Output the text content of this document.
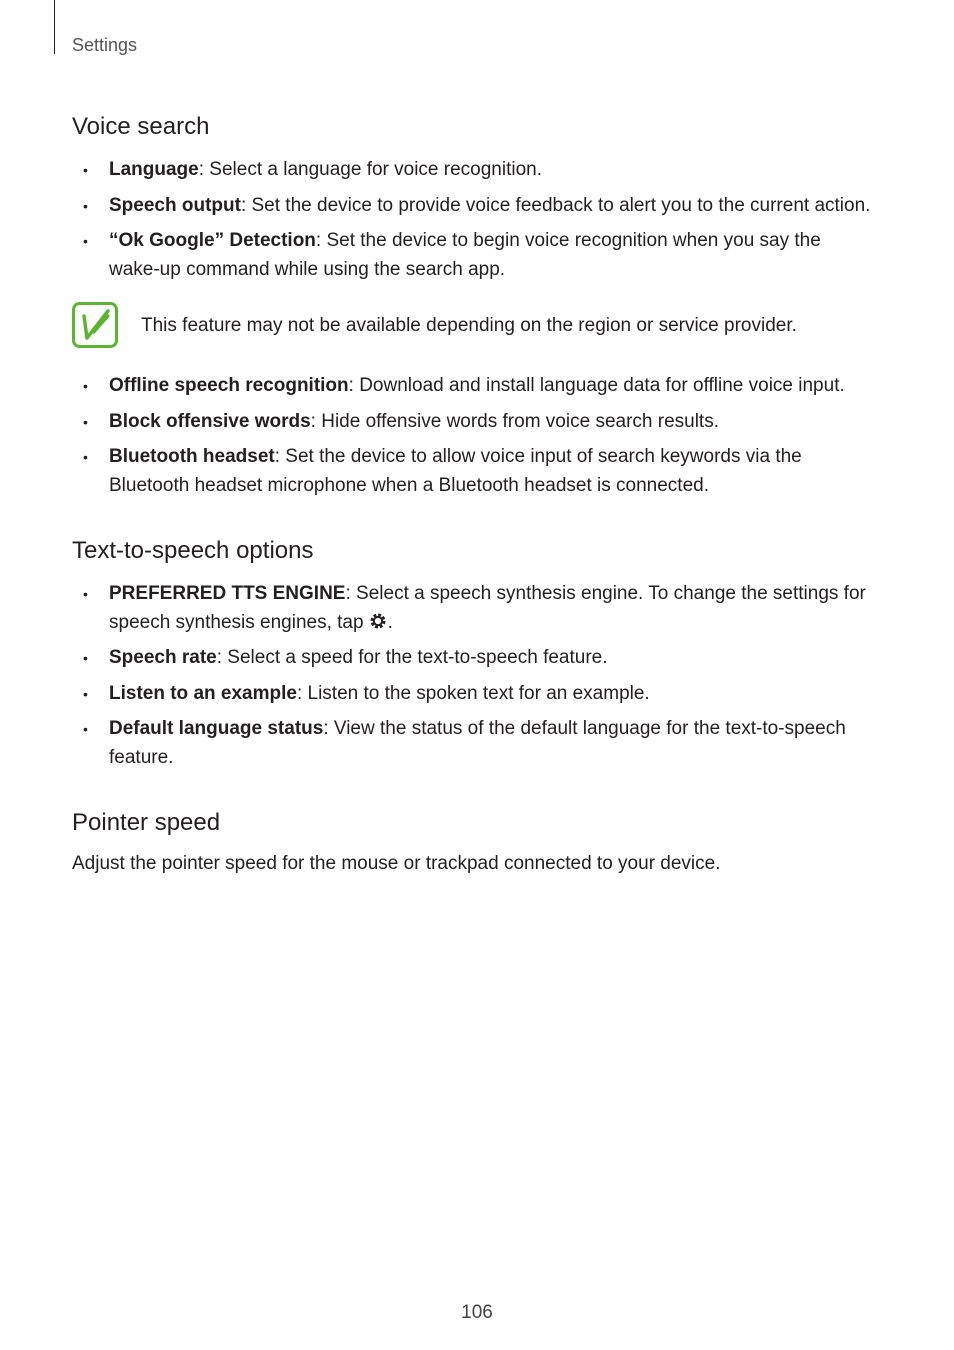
Settings
Voice search
• Language: Select a language for voice recognition.
• Speech output: Set the device to provide voice feedback to alert you to the current action.
• “Ok Google” Detection: Set the device to begin voice recognition when you say the wake-up command while using the search app.
This feature may not be available depending on the region or service provider.
• Offline speech recognition: Download and install language data for offline voice input.
• Block offensive words: Hide offensive words from voice search results.
• Bluetooth headset: Set the device to allow voice input of search keywords via the Bluetooth headset microphone when a Bluetooth headset is connected.
Text-to-speech options
• PREFERRED TTS ENGINE: Select a speech synthesis engine. To change the settings for speech synthesis engines, tap .
• Speech rate: Select a speed for the text-to-speech feature.
• Listen to an example: Listen to the spoken text for an example.
• Default language status: View the status of the default language for the text-to-speech feature.
Pointer speed

Adjust the pointer speed for the mouse or trackpad connected to your device.

106
